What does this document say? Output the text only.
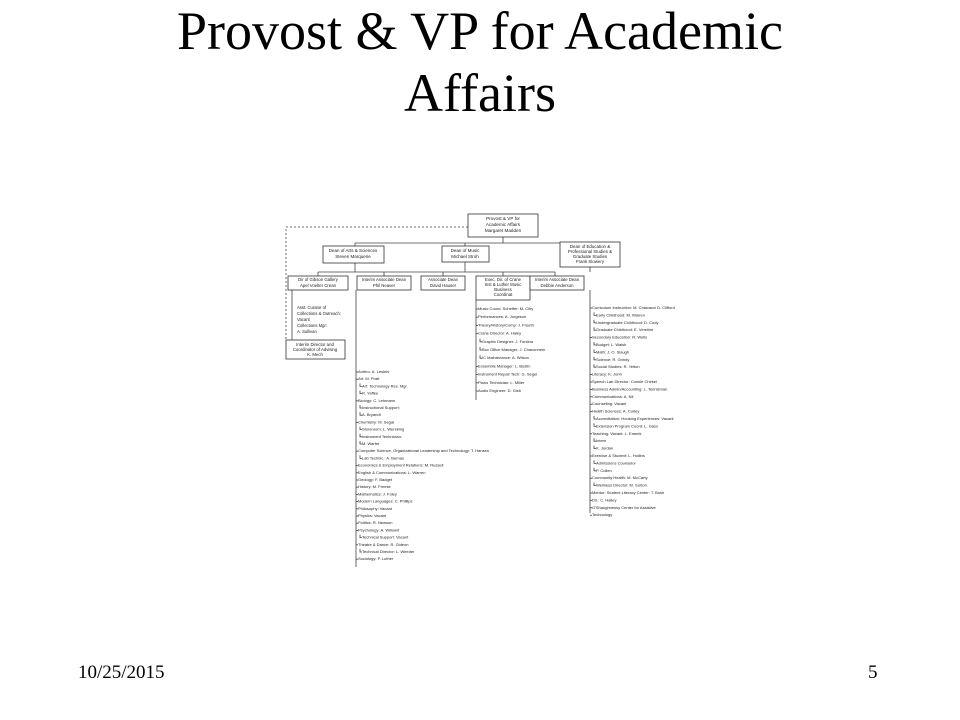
Provost & VP for Academic
Affairs
Provost & VP for
Academic Affairs
Margaret Madden
Dean of Arts & Sciences
Steven Marquerie
Dean of Music
Michael Stroh
Dean of Education &
Professional Studies &
Graduate Studies
Frank Slowery
Dir of Gibson Gallery
Apel Voelter Crean
Interim Associate Dean
Phil Neaver
Associate Dean
David Hauser
Exec. Dir. of Crane
Inst & Luther Music
Business
Coordinat
Interim Associate Dean
Debbie Anderson
Asst. Curator of
Collections & Outreach:
Vacant
Collections Mgr:
A. Sullivan
Interim Director and
Coordinator of Advising
K. Mech
Anthro: A. Lesleis
Art: M. Pratt
Art: Technology Res. Mgr.
R. Yaffee
Biology: C. Lehmann
Instructional Support:
A. Bryandt
Chemistry: M. Segal
Storeroom: L. Wereking
Instrument Technician:
M. Warfre
Computer Science, Organizational Leadership and Technology: T. Hansen
Lab Technic.: A. Bernas
Economics & Employment Relations: M. Russell
English & Communications: L. Warren
Geology: F. Badget
History: M. Freese
Mathematics: J. Foley
Modern Languages: C. Phillips
Philosophy: Vacant
Physics: Vacant
Politics: R. Newson
Psychology: A. Willowit
Technical Support: Vacant
Theatre & Dance: R. Gideon
Technical Director: L. Weeder
Sociology: P. Luther
Music Coord. Scheffer: M. Cliry
Performances: A. Jorgeson
Theory/History/Comp: J. Freeth
Crane Director: A. Haley
Graphic Designer: J. Fontina
Box Office Manager: J. Chaconnem
IC Maintenance: A. Wilson
Ensemble Manager: L. Bustin
Instrument Repair Tech: G. Segel
Piano Technician: L. Miller
Audio Engineer: D. Gish
Curriculum Instruction: M. Chiavacci D. Clifford
Early Childhood: M. Warren
Undergraduate Childhood: D. Cody
Graduate Childhood: E. Vereline
Secondary Education: R. Wells
Budget: L. Walsh
Math: J. O. Slaugh
Science: R. Grindy
Social Studies: R. Yelton
Literacy: K. Jorin
Speech Lab Director: Connie Chirkel
Business Admin/Accounting: L. Tennisman
Communications: A. Nil
Counseling: Vacant
Health Sciences: A. Curley
Accreditation: Housing Experiences: Vacant
Extension Program Coord: L. Gass
Teaching: Vacant: L. Emeek
Intern
K. Jordan
Exercise & Student: L. Hollins
Admissions Counselor
P. Cullen
Community Health: M. McCarty
Wellness Director: M. Surton
Mentor: Student Literacy Center: T. Bush
Dir.: C. Halley
O'Shaughnessy Center for Assistive
Technology
10/25/2015	5
